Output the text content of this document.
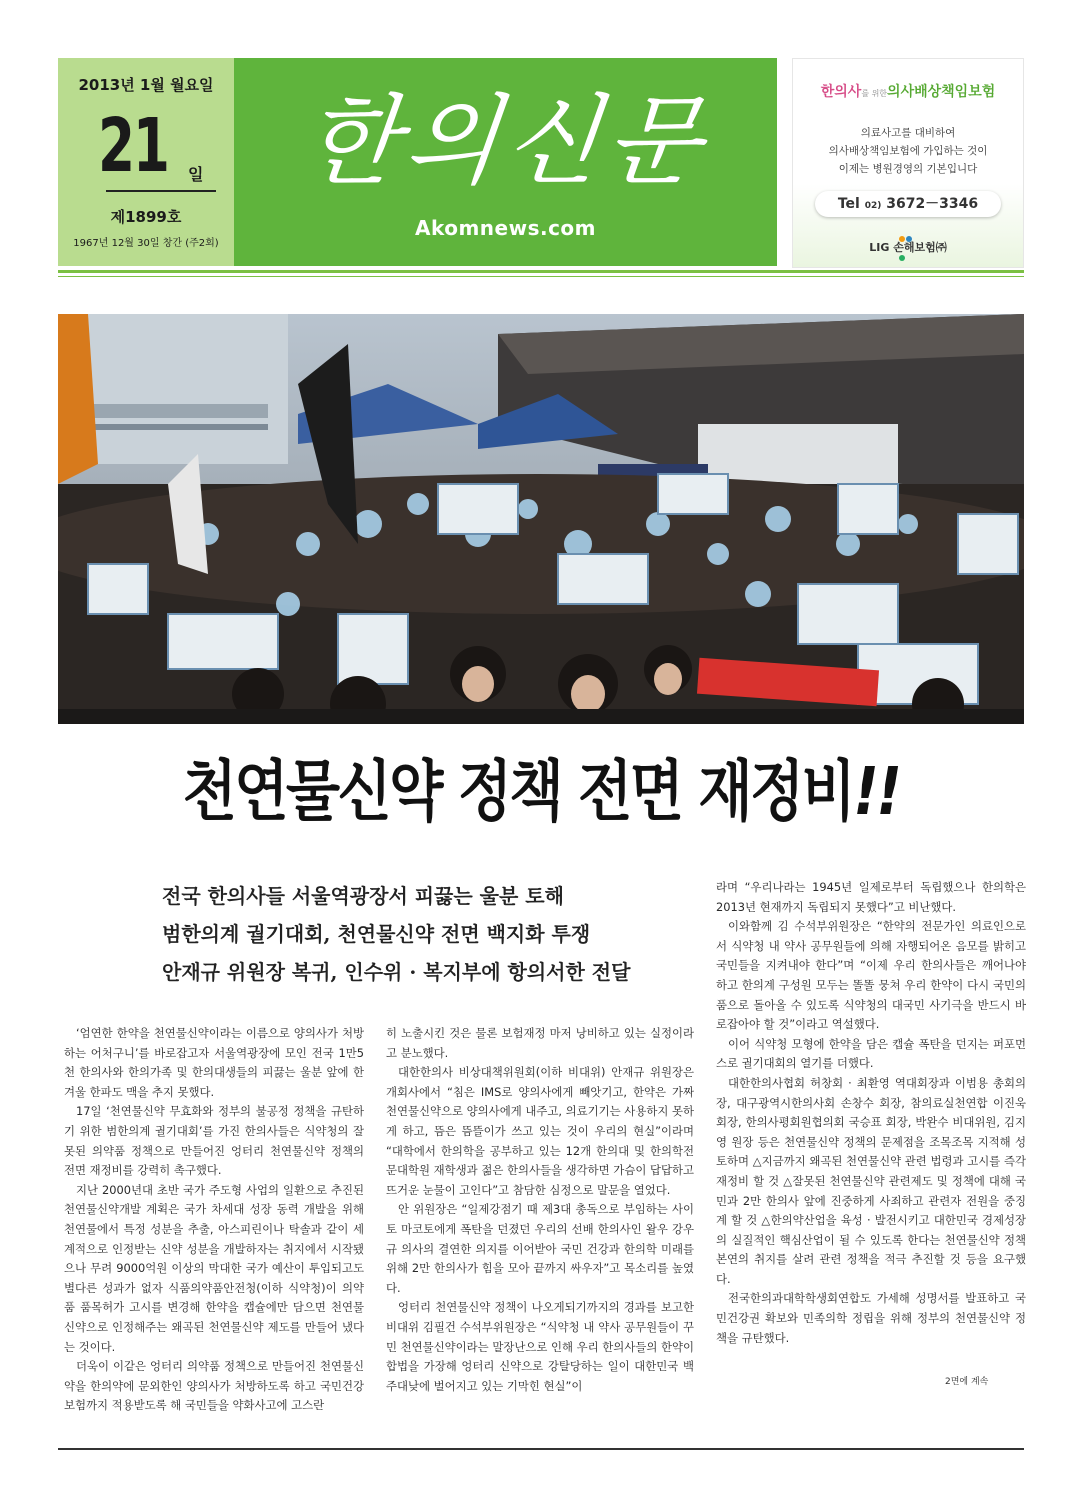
2013년 1월 월요일
21 일
제1899호
1967년 12월 30일 창간 (주2회)
한의신문
Akomnews.com
한의사를 위한의사배상책임보험
의료사고를 대비하여
의사배상책임보험에 가입하는 것이
이제는 병원경영의 기본입니다
Tel 02) 3672－3346
LIG 손해보험㈜
천연물신약 정책 전면 재정비!!
전국 한의사들 서울역광장서 피끓는 울분 토해
범한의계 궐기대회, 천연물신약 전면 백지화 투쟁
안재규 위원장 복귀, 인수위 · 복지부에 항의서한 전달

‘엄연한 한약을 천연물신약이라는 이름으로 양의사가 처방하는 어처구니’를 바로잡고자 서울역광장에 모인 전국 1만5천 한의사와 한의가족 및 한의대생들의 피끓는 울분 앞에 한겨울 한파도 맥을 추지 못했다.

17일 ‘천연물신약 무효화와 정부의 불공정 정책을 규탄하기 위한 범한의계 궐기대회’를 가진 한의사들은 식약청의 잘못된 의약품 정책으로 만들어진 엉터리 천연물신약 정책의 전면 재정비를 강력히 촉구했다.

지난 2000년대 초반 국가 주도형 사업의 일환으로 추진된 천연물신약개발 계획은 국가 차세대 성장 동력 개발을 위해 천연물에서 특정 성분을 추출, 아스피린이나 탁솔과 같이 세계적으로 인정받는 신약 성분을 개발하자는 취지에서 시작됐으나 무려 9000억원 이상의 막대한 국가 예산이 투입되고도 별다른 성과가 없자 식품의약품안전청(이하 식약청)이 의약품 품목허가 고시를 변경해 한약을 캡슐에만 담으면 천연물신약으로 인정해주는 왜곡된 천연물신약 제도를 만들어 냈다는 것이다.

더욱이 이같은 엉터리 의약품 정책으로 만들어진 천연물신약을 한의약에 문외한인 양의사가 처방하도록 하고 국민건강보험까지 적용받도록 해 국민들을 약화사고에 고스란

히 노출시킨 것은 물론 보험재정 마저 낭비하고 있는 실정이라고 분노했다.

대한한의사 비상대책위원회(이하 비대위) 안재규 위원장은 개회사에서 “침은 IMS로 양의사에게 빼앗기고, 한약은 가짜 천연물신약으로 양의사에게 내주고, 의료기기는 사용하지 못하게 하고, 뜸은 뜸뜰이가 쓰고 있는 것이 우리의 현실”이라며 “대학에서 한의학을 공부하고 있는 12개 한의대 및 한의학전문대학원 재학생과 젊은 한의사들을 생각하면 가슴이 답답하고 뜨거운 눈물이 고인다”고 참담한 심정으로 말문을 열었다.

안 위원장은 “일제강점기 때 제3대 총독으로 부임하는 사이토 마코토에게 폭탄을 던졌던 우리의 선배 한의사인 왈우 강우규 의사의 결연한 의지를 이어받아 국민 건강과 한의학 미래를 위해 2만 한의사가 힘을 모아 끝까지 싸우자”고 목소리를 높였다.

엉터리 천연물신약 정책이 나오게되기까지의 경과를 보고한 비대위 김필건 수석부위원장은 “식약청 내 약사 공무원들이 꾸민 천연물신약이라는 말장난으로 인해 우리 한의사들의 한약이 합법을 가장해 엉터리 신약으로 강탈당하는 일이 대한민국 백주대낮에 벌어지고 있는 기막힌 현실”이

라며 “우리나라는 1945년 일제로부터 독립했으나 한의학은 2013년 현재까지 독립되지 못했다”고 비난했다.

이와함께 김 수석부위원장은 “한약의 전문가인 의료인으로서 식약청 내 약사 공무원들에 의해 자행되어온 음모를 밝히고 국민들을 지켜내야 한다”며 “이제 우리 한의사들은 깨어나야 하고 한의계 구성원 모두는 똘똘 뭉쳐 우리 한약이 다시 국민의 품으로 돌아올 수 있도록 식약청의 대국민 사기극을 반드시 바로잡아야 할 것”이라고 역설했다.

이어 식약청 모형에 한약을 담은 캡슐 폭탄을 던지는 퍼포먼스로 궐기대회의 열기를 더했다.

대한한의사협회 허창회 · 최환영 역대회장과 이범용 총회의장, 대구광역시한의사회 손창수 회장, 참의료실천연합 이진욱 회장, 한의사평회원협의회 국승표 회장, 박완수 비대위원, 김지영 원장 등은 천연물신약 정책의 문제점을 조목조목 지적해 성토하며 △지금까지 왜곡된 천연물신약 관련 법령과 고시를 즉각 재정비 할 것 △잘못된 천연물신약 관련제도 및 정책에 대해 국민과 2만 한의사 앞에 진중하게 사죄하고 관련자 전원을 중징계 할 것 △한의약산업을 육성 · 발전시키고 대한민국 경제성장의 실질적인 핵심산업이 될 수 있도록 한다는 천연물신약 정책 본연의 취지를 살려 관련 정책을 적극 추진할 것 등을 요구했다.

전국한의과대학학생회연합도 가세해 성명서를 발표하고 국민건강권 확보와 민족의학 정립을 위해 정부의 천연물신약 정책을 규탄했다.

2면에 계속
